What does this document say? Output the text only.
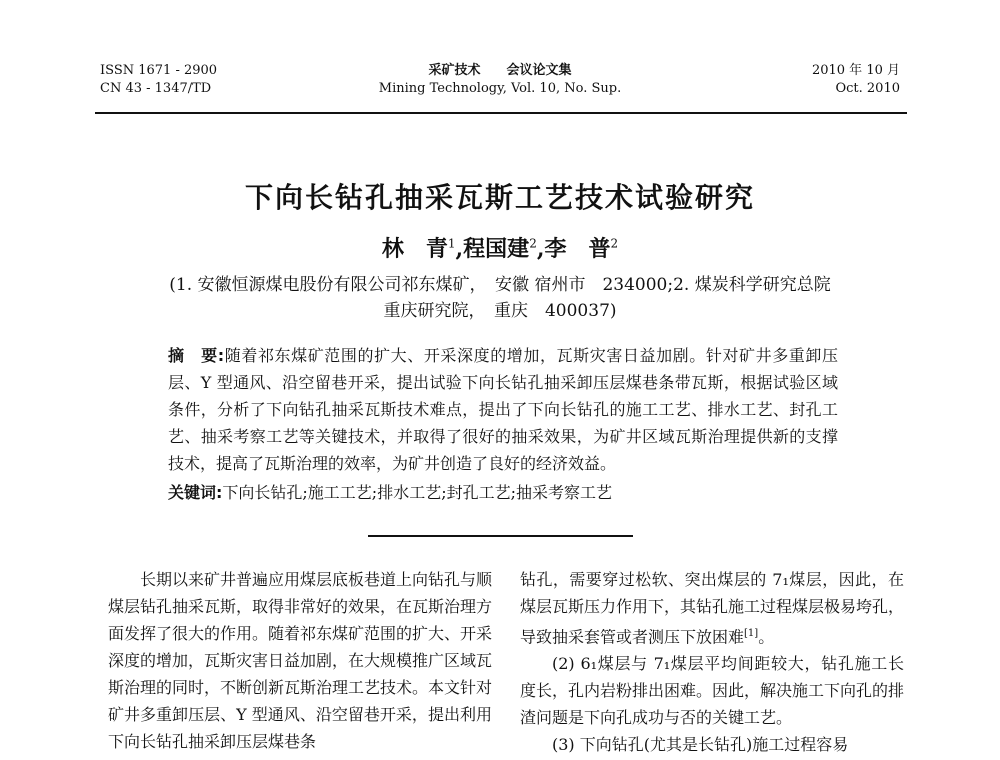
ISSN 1671 - 2900
CN 43 - 1347/TD
采矿技术　　会议论文集
Mining Technology, Vol. 10, No. Sup.
2010 年 10 月
Oct. 2010
下向长钻孔抽采瓦斯工艺技术试验研究
林　青$^1$,程国建$^2$,李　普$^2$
(1. 安徽恒源煤电股份有限公司祁东煤矿，　安徽 宿州市　234000;2. 煤炭科学研究总院
重庆研究院，　重庆　400037)
摘　要:随着祁东煤矿范围的扩大、开采深度的增加，瓦斯灾害日益加剧。针对矿井多重卸压层、Y 型通风、沿空留巷开采，提出试验下向长钻孔抽采卸压层煤巷条带瓦斯，根据试验区域条件，分析了下向钻孔抽采瓦斯技术难点，提出了下向长钻孔的施工工艺、排水工艺、封孔工艺、抽采考察工艺等关键技术，并取得了很好的抽采效果，为矿井区域瓦斯治理提供新的支撑技术，提高了瓦斯治理的效率，为矿井创造了良好的经济效益。
关键词:下向长钻孔;施工工艺;排水工艺;封孔工艺;抽采考察工艺

长期以来矿井普遍应用煤层底板巷道上向钻孔与顺煤层钻孔抽采瓦斯，取得非常好的效果，在瓦斯治理方面发挥了很大的作用。随着祁东煤矿范围的扩大、开采深度的增加，瓦斯灾害日益加剧，在大规模推广区域瓦斯治理的同时，不断创新瓦斯治理工艺技术。本文针对矿井多重卸压层、Y 型通风、沿空留巷开采，提出利用下向长钻孔抽采卸压层煤巷条

钻孔，需要穿过松软、突出煤层的 7₁煤层，因此，在煤层瓦斯压力作用下，其钻孔施工过程煤层极易垮孔，导致抽采套管或者测压下放困难[1]。

(2) 6₁煤层与 7₁煤层平均间距较大，钻孔施工长度长，孔内岩粉排出困难。因此，解决施工下向孔的排渣问题是下向孔成功与否的关键工艺。

(3) 下向钻孔(尤其是长钻孔)施工过程容易
